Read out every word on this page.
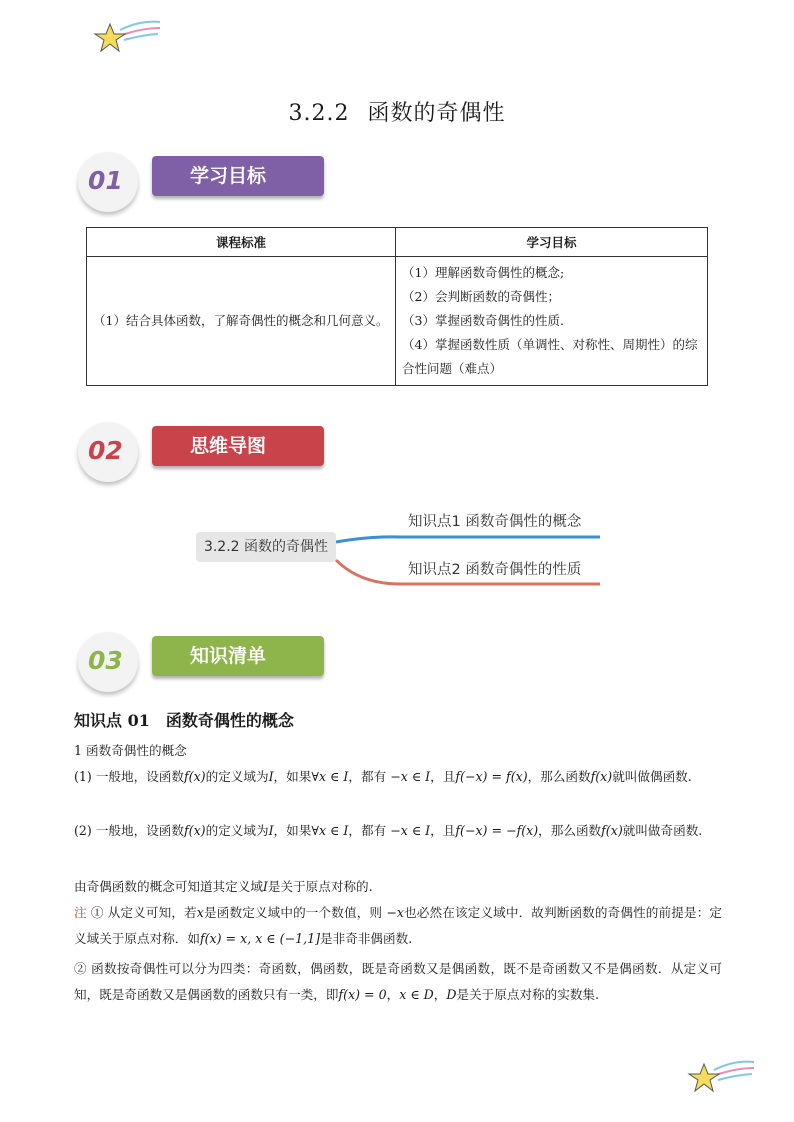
3.2.2 函数的奇偶性
01	学习目标
课程标准	学习目标
（1）结合具体函数，了解奇偶性的概念和几何意义。	（1）理解函数奇偶性的概念;
（2）会判断函数的奇偶性；
（3）掌握函数奇偶性的性质.
（4）掌握函数性质（单调性、对称性、周期性）的综合性问题（难点）
02	思维导图
3.2.2 函数的奇偶性
知识点1 函数奇偶性的概念
知识点2 函数奇偶性的性质
03	知识清单
知识点 01 函数奇偶性的概念
1 函数奇偶性的概念
(1) 一般地，设函数f(x)的定义域为I，如果∀x ∈ I，都有 −x ∈ I，且f(−x) = f(x)，那么函数f(x)就叫做偶函数.
(2) 一般地，设函数f(x)的定义域为I，如果∀x ∈ I，都有 −x ∈ I，且f(−x) = −f(x)，那么函数f(x)就叫做奇函数.
由奇偶函数的概念可知道其定义域I是关于原点对称的.
注 ① 从定义可知，若x是函数定义域中的一个数值，则 −x也必然在该定义域中．故判断函数的奇偶性的前提是：定义域关于原点对称．如f(x) = x, x ∈ (−1,1]是非奇非偶函数.
② 函数按奇偶性可以分为四类：奇函数，偶函数，既是奇函数又是偶函数，既不是奇函数又不是偶函数．从定义可知，既是奇函数又是偶函数的函数只有一类，即f(x) = 0，x ∈ D，D是关于原点对称的实数集.
